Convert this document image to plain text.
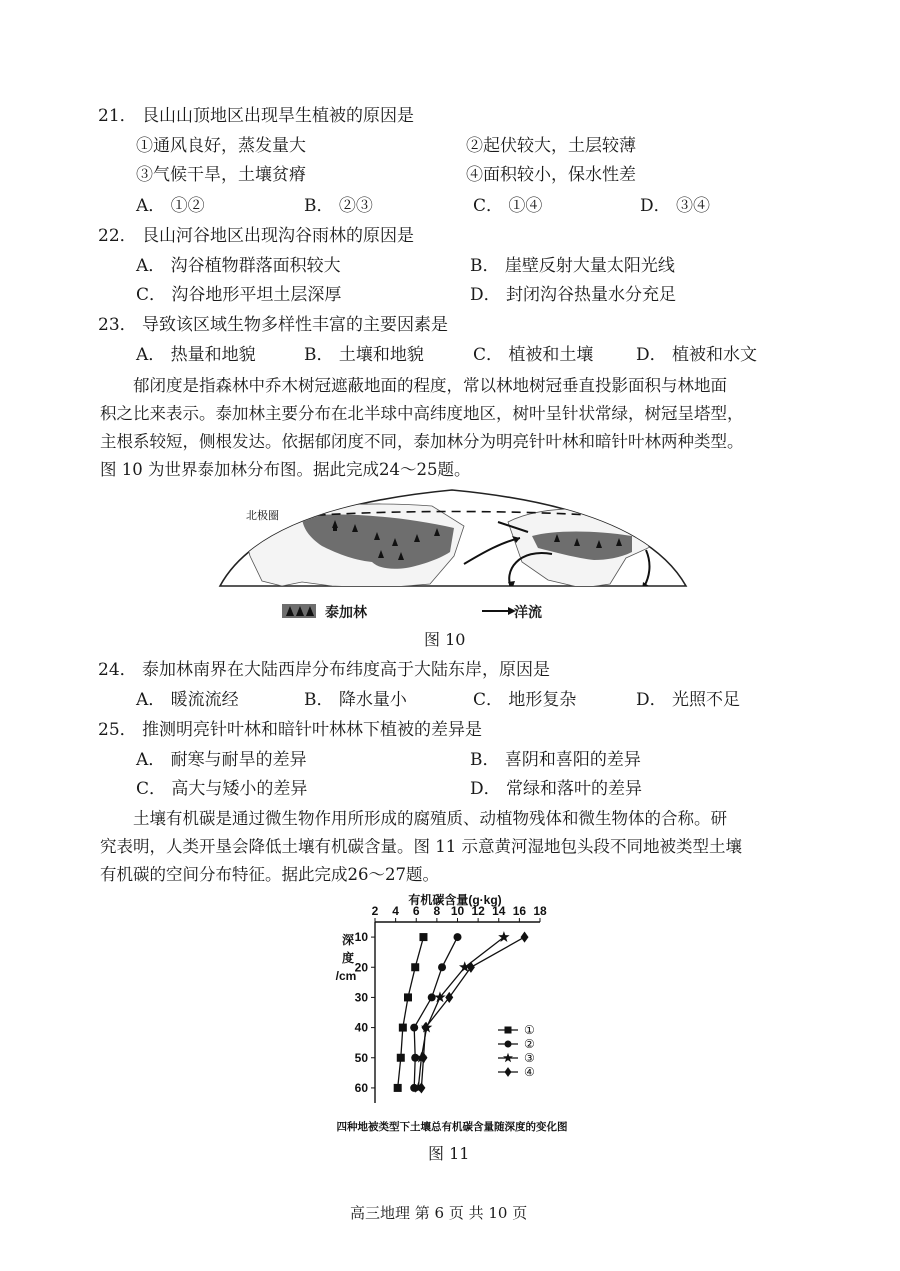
21． 艮山山顶地区出现旱生植被的原因是
①通风良好，蒸发量大	②起伏较大，土层较薄
③气候干旱，土壤贫瘠	④面积较小，保水性差
A． ①②	B． ②③	C． ①④	D． ③④
22． 艮山河谷地区出现沟谷雨林的原因是
A． 沟谷植物群落面积较大	B． 崖壁反射大量太阳光线
C． 沟谷地形平坦土层深厚	D． 封闭沟谷热量水分充足
23． 导致该区域生物多样性丰富的主要因素是
A． 热量和地貌	B． 土壤和地貌	C． 植被和土壤	D． 植被和水文
郁闭度是指森林中乔木树冠遮蔽地面的程度，常以林地树冠垂直投影面积与林地面
积之比来表示。泰加林主要分布在北半球中高纬度地区，树叶呈针状常绿，树冠呈塔型，
主根系较短，侧根发达。依据郁闭度不同，泰加林分为明亮针叶林和暗针叶林两种类型。
图 10 为世界泰加林分布图。据此完成24～25题。
北极圈
泰加林	洋流
图 10
24． 泰加林南界在大陆西岸分布纬度高于大陆东岸，原因是
A． 暖流流经	B． 降水量小	C． 地形复杂	D． 光照不足
25． 推测明亮针叶林和暗针叶林林下植被的差异是
A． 耐寒与耐旱的差异	B． 喜阴和喜阳的差异
C． 高大与矮小的差异	D． 常绿和落叶的差异
土壤有机碳是通过微生物作用所形成的腐殖质、动植物残体和微生物体的合称。研
究表明，人类开垦会降低土壤有机碳含量。图 11 示意黄河湿地包头段不同地被类型土壤
有机碳的空间分布特征。据此完成26～27题。
有机碳含量(g·kg)
深
度
/cm
四种地被类型下土壤总有机碳含量随深度的变化图
2 4 6 8 10 12 14 16 18
10
20
30
40
50
60
①
②
③
④
图 11
高三地理 第 6 页 共 10 页
